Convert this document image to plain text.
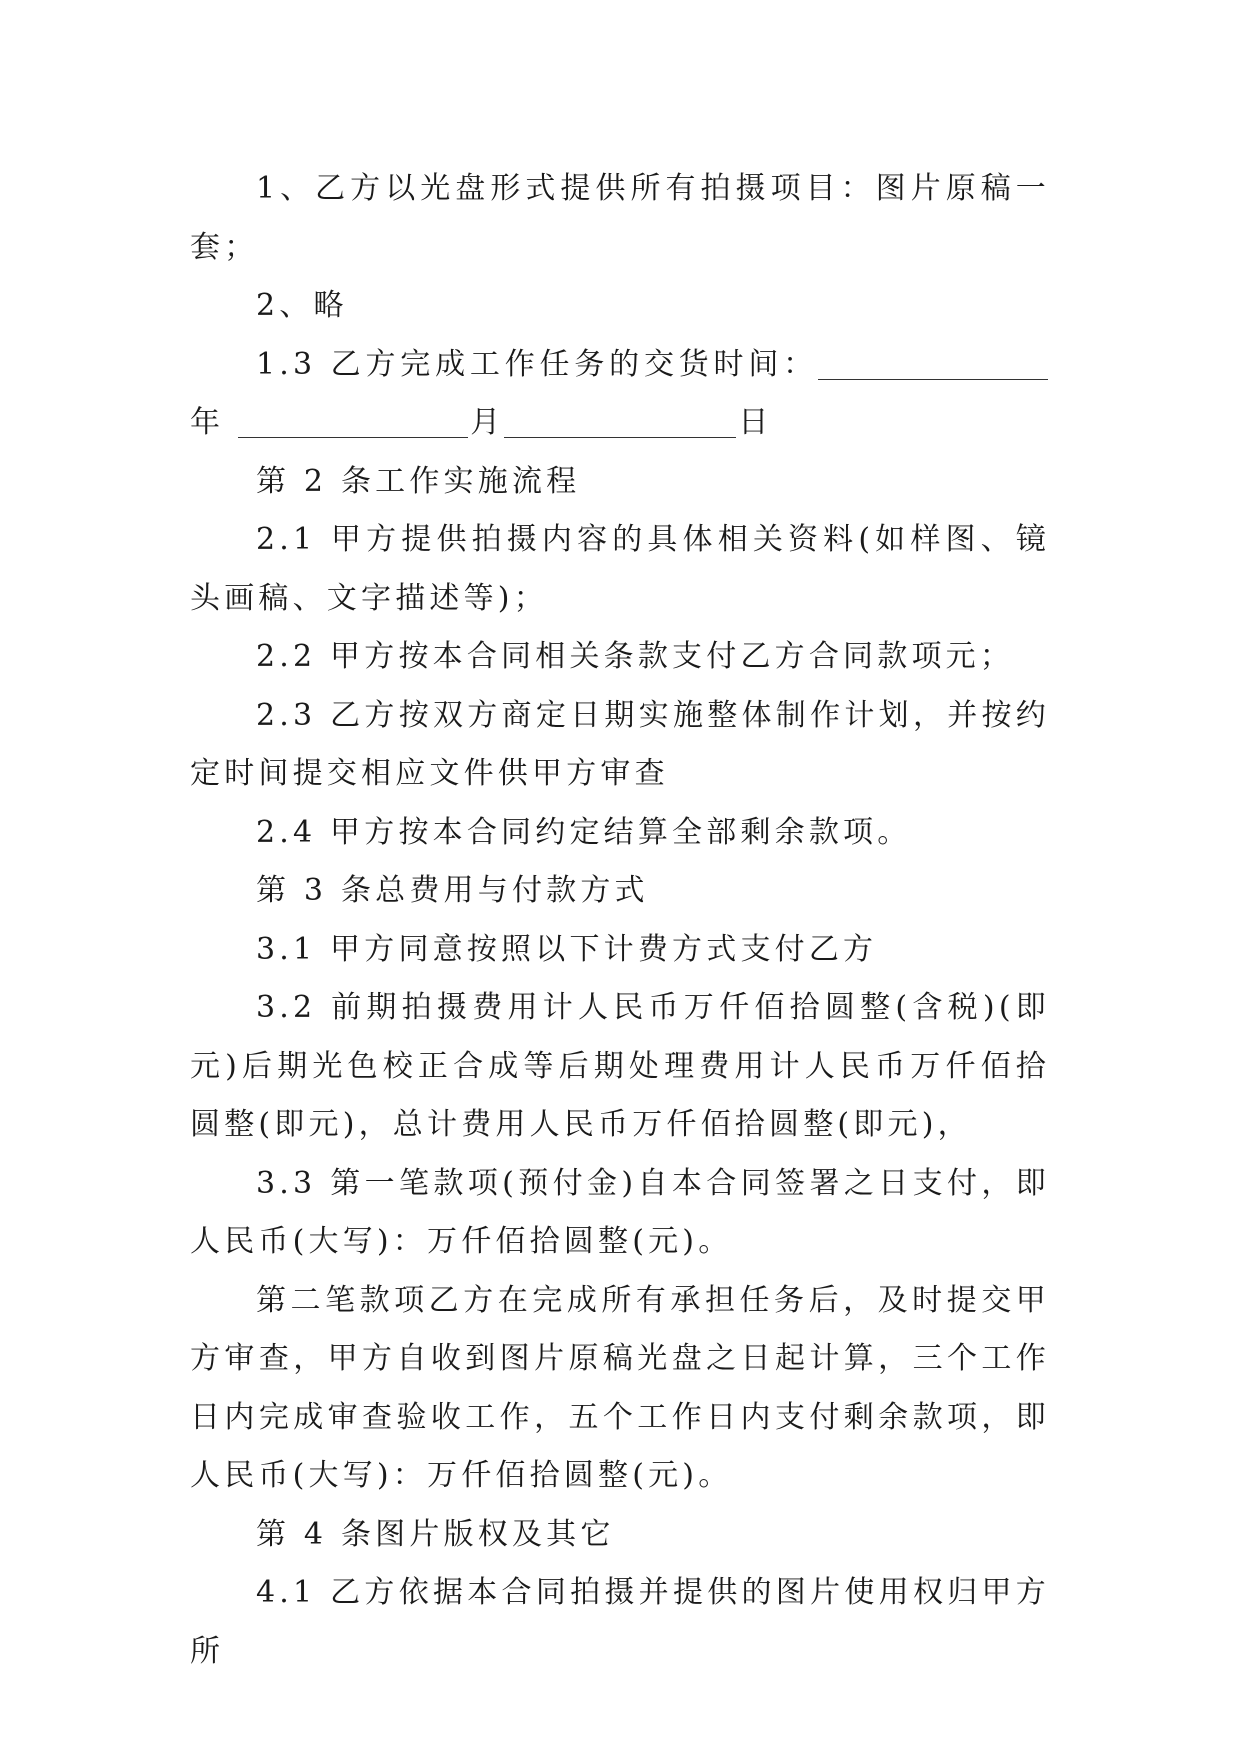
1、乙方以光盘形式提供所有拍摄项目：图片原稿一套；

2、略

1.3 乙方完成工作任务的交货时间：年	月	日

第 2 条工作实施流程

2.1 甲方提供拍摄内容的具体相关资料(如样图、镜头画稿、文字描述等)；

2.2 甲方按本合同相关条款支付乙方合同款项元；

2.3 乙方按双方商定日期实施整体制作计划，并按约定时间提交相应文件供甲方审查

2.4 甲方按本合同约定结算全部剩余款项。

第 3 条总费用与付款方式

3.1 甲方同意按照以下计费方式支付乙方

3.2 前期拍摄费用计人民币万仟佰拾圆整(含税)(即元)后期光色校正合成等后期处理费用计人民币万仟佰拾圆整(即元)，总计费用人民币万仟佰拾圆整(即元)，

3.3 第一笔款项(预付金)自本合同签署之日支付，即人民币(大写)：万仟佰拾圆整(元)。

第二笔款项乙方在完成所有承担任务后，及时提交甲方审查，甲方自收到图片原稿光盘之日起计算，三个工作日内完成审查验收工作，五个工作日内支付剩余款项，即人民币(大写)：万仟佰拾圆整(元)。

第 4 条图片版权及其它

4.1 乙方依据本合同拍摄并提供的图片使用权归甲方所
